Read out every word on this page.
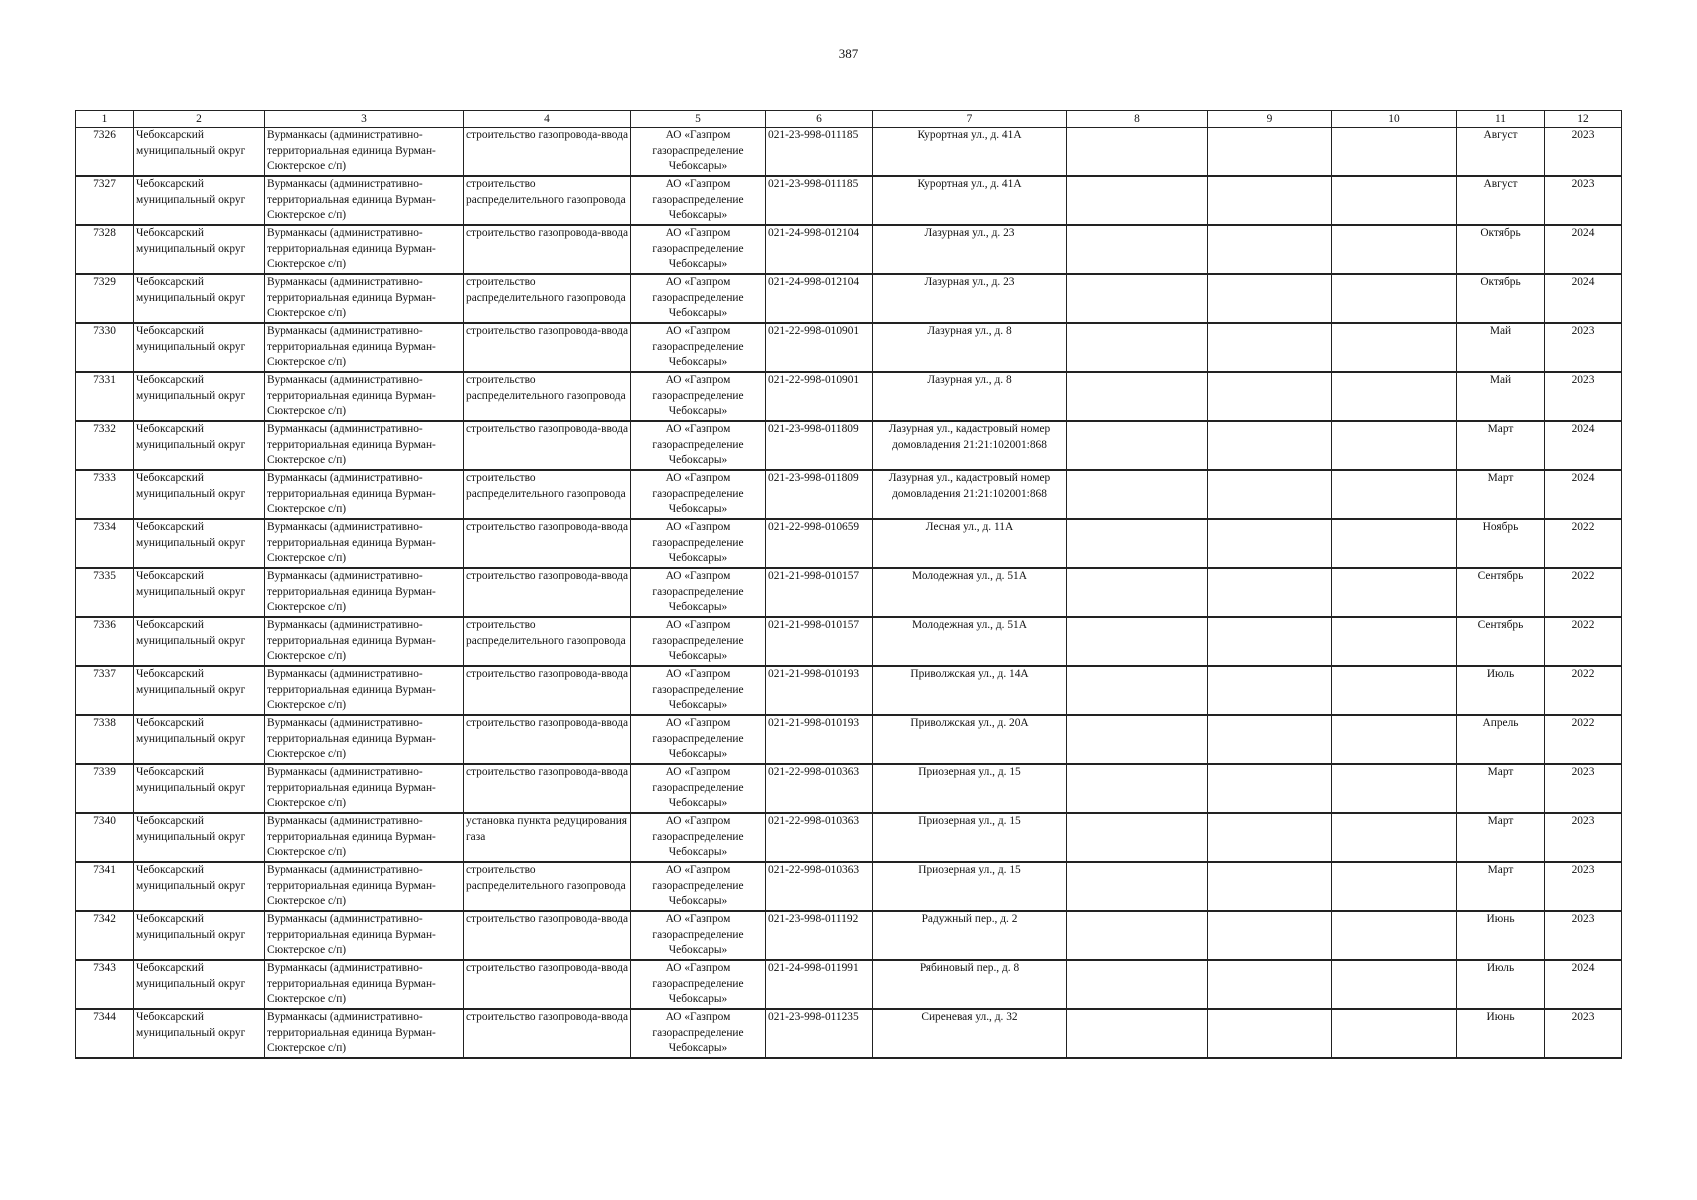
387
1	2	3	4	5	6	7	8	9	10	11	12
7326	Чебоксарский муниципальный округ	Вурманкасы (административно-территориальная единица Вурман-Сюктерское с/п)	строительство газопровода-ввода	АО «Газпром газораспределение Чебоксары»	021-23-998-011185	Курортная ул., д. 41А				Август	2023
7327	Чебоксарский муниципальный округ	Вурманкасы (административно-территориальная единица Вурман-Сюктерское с/п)	строительство распределительного газопровода	АО «Газпром газораспределение Чебоксары»	021-23-998-011185	Курортная ул., д. 41А				Август	2023
7328	Чебоксарский муниципальный округ	Вурманкасы (административно-территориальная единица Вурман-Сюктерское с/п)	строительство газопровода-ввода	АО «Газпром газораспределение Чебоксары»	021-24-998-012104	Лазурная ул., д. 23				Октябрь	2024
7329	Чебоксарский муниципальный округ	Вурманкасы (административно-территориальная единица Вурман-Сюктерское с/п)	строительство распределительного газопровода	АО «Газпром газораспределение Чебоксары»	021-24-998-012104	Лазурная ул., д. 23				Октябрь	2024
7330	Чебоксарский муниципальный округ	Вурманкасы (административно-территориальная единица Вурман-Сюктерское с/п)	строительство газопровода-ввода	АО «Газпром газораспределение Чебоксары»	021-22-998-010901	Лазурная ул., д. 8				Май	2023
7331	Чебоксарский муниципальный округ	Вурманкасы (административно-территориальная единица Вурман-Сюктерское с/п)	строительство распределительного газопровода	АО «Газпром газораспределение Чебоксары»	021-22-998-010901	Лазурная ул., д. 8				Май	2023
7332	Чебоксарский муниципальный округ	Вурманкасы (административно-территориальная единица Вурман-Сюктерское с/п)	строительство газопровода-ввода	АО «Газпром газораспределение Чебоксары»	021-23-998-011809	Лазурная ул., кадастровый номер домовладения 21:21:102001:868				Март	2024
7333	Чебоксарский муниципальный округ	Вурманкасы (административно-территориальная единица Вурман-Сюктерское с/п)	строительство распределительного газопровода	АО «Газпром газораспределение Чебоксары»	021-23-998-011809	Лазурная ул., кадастровый номер домовладения 21:21:102001:868				Март	2024
7334	Чебоксарский муниципальный округ	Вурманкасы (административно-территориальная единица Вурман-Сюктерское с/п)	строительство газопровода-ввода	АО «Газпром газораспределение Чебоксары»	021-22-998-010659	Лесная ул., д. 11А				Ноябрь	2022
7335	Чебоксарский муниципальный округ	Вурманкасы (административно-территориальная единица Вурман-Сюктерское с/п)	строительство газопровода-ввода	АО «Газпром газораспределение Чебоксары»	021-21-998-010157	Молодежная ул., д. 51А				Сентябрь	2022
7336	Чебоксарский муниципальный округ	Вурманкасы (административно-территориальная единица Вурман-Сюктерское с/п)	строительство распределительного газопровода	АО «Газпром газораспределение Чебоксары»	021-21-998-010157	Молодежная ул., д. 51А				Сентябрь	2022
7337	Чебоксарский муниципальный округ	Вурманкасы (административно-территориальная единица Вурман-Сюктерское с/п)	строительство газопровода-ввода	АО «Газпром газораспределение Чебоксары»	021-21-998-010193	Приволжская ул., д. 14А				Июль	2022
7338	Чебоксарский муниципальный округ	Вурманкасы (административно-территориальная единица Вурман-Сюктерское с/п)	строительство газопровода-ввода	АО «Газпром газораспределение Чебоксары»	021-21-998-010193	Приволжская ул., д. 20А				Апрель	2022
7339	Чебоксарский муниципальный округ	Вурманкасы (административно-территориальная единица Вурман-Сюктерское с/п)	строительство газопровода-ввода	АО «Газпром газораспределение Чебоксары»	021-22-998-010363	Приозерная ул., д. 15				Март	2023
7340	Чебоксарский муниципальный округ	Вурманкасы (административно-территориальная единица Вурман-Сюктерское с/п)	установка пункта редуцирования газа	АО «Газпром газораспределение Чебоксары»	021-22-998-010363	Приозерная ул., д. 15				Март	2023
7341	Чебоксарский муниципальный округ	Вурманкасы (административно-территориальная единица Вурман-Сюктерское с/п)	строительство распределительного газопровода	АО «Газпром газораспределение Чебоксары»	021-22-998-010363	Приозерная ул., д. 15				Март	2023
7342	Чебоксарский муниципальный округ	Вурманкасы (административно-территориальная единица Вурман-Сюктерское с/п)	строительство газопровода-ввода	АО «Газпром газораспределение Чебоксары»	021-23-998-011192	Радужный пер., д. 2				Июнь	2023
7343	Чебоксарский муниципальный округ	Вурманкасы (административно-территориальная единица Вурман-Сюктерское с/п)	строительство газопровода-ввода	АО «Газпром газораспределение Чебоксары»	021-24-998-011991	Рябиновый пер., д. 8				Июль	2024
7344	Чебоксарский муниципальный округ	Вурманкасы (административно-территориальная единица Вурман-Сюктерское с/п)	строительство газопровода-ввода	АО «Газпром газораспределение Чебоксары»	021-23-998-011235	Сиреневая ул., д. 32				Июнь	2023
